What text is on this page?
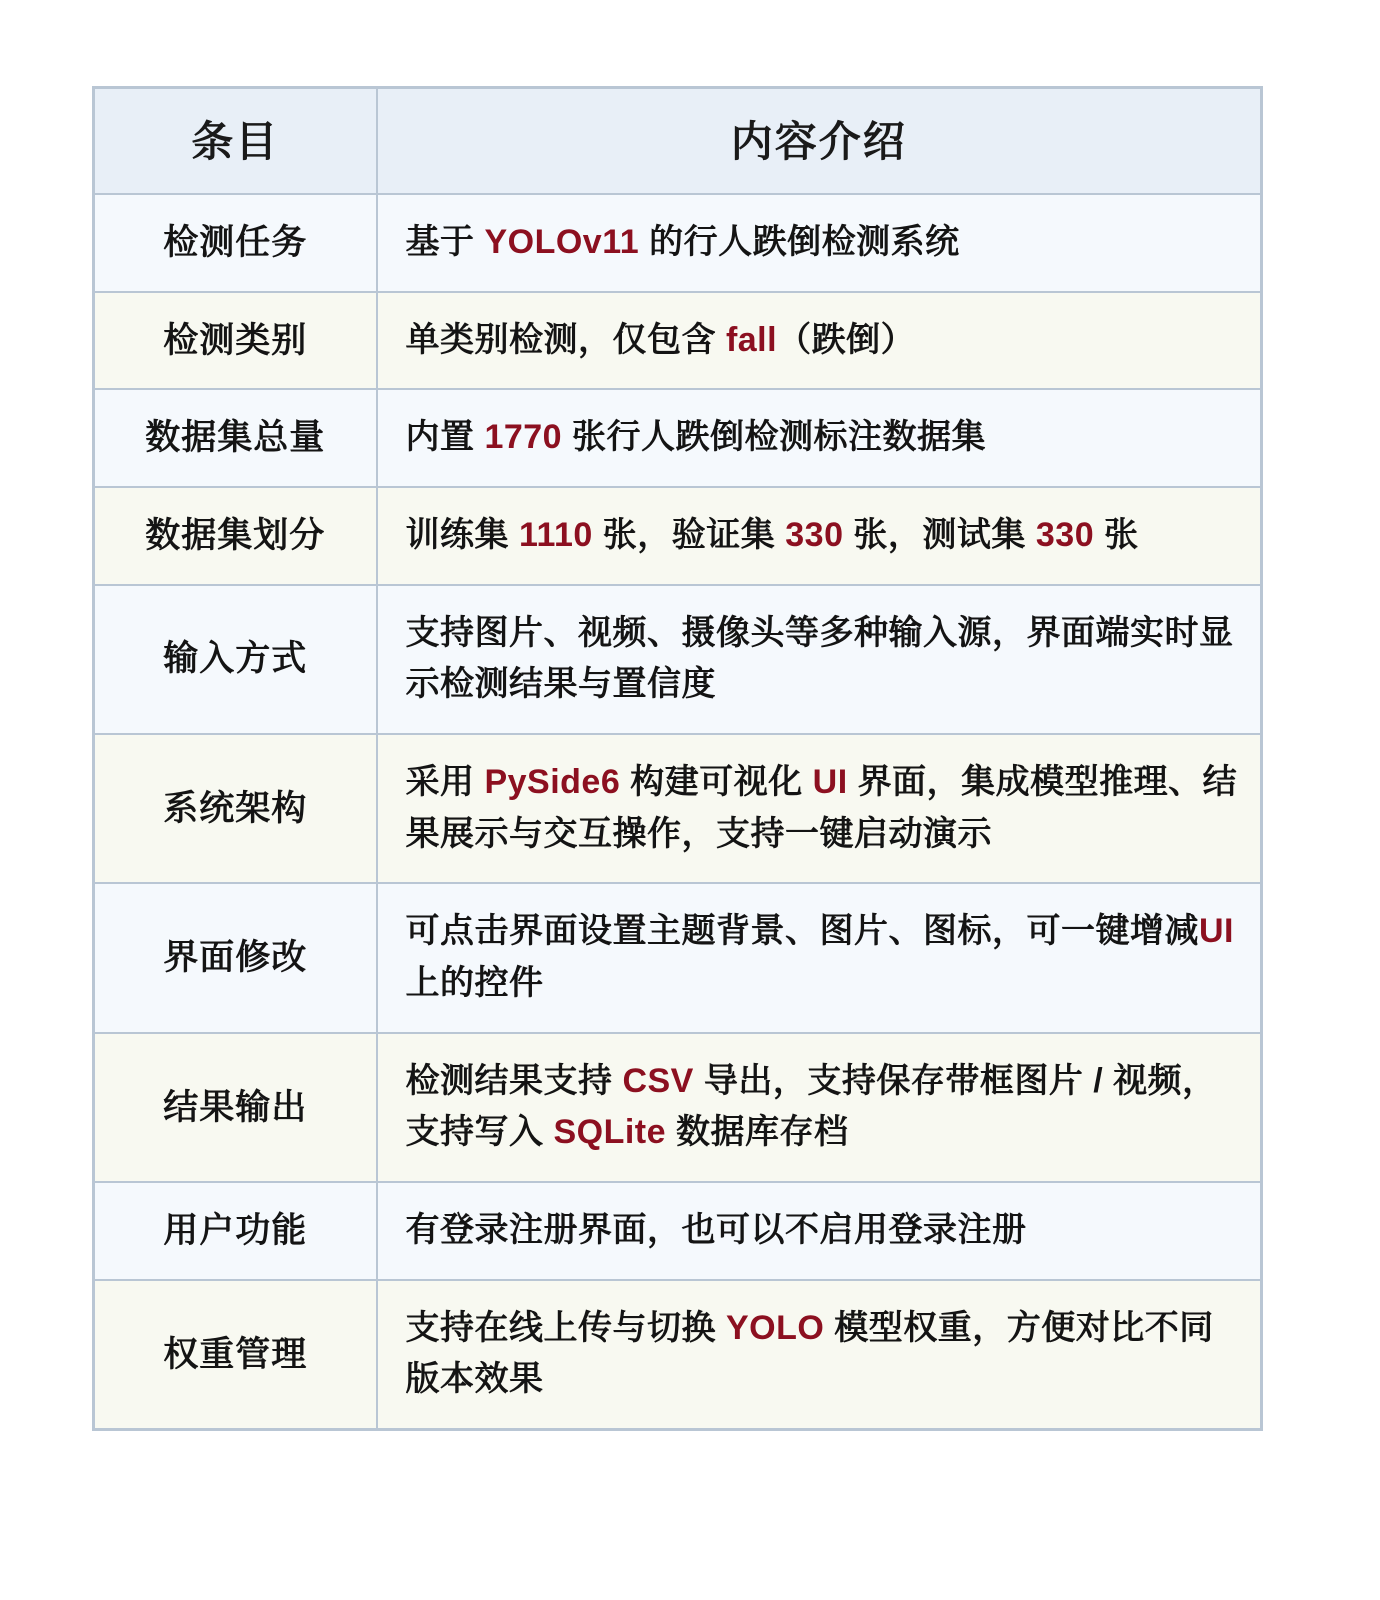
条目	内容介绍
检测任务	基于 YOLOv11 的行人跌倒检测系统
检测类别	单类别检测，仅包含 fall（跌倒）
数据集总量	内置 1770 张行人跌倒检测标注数据集
数据集划分	训练集 1110 张，验证集 330 张，测试集 330 张
输入方式	支持图片、视频、摄像头等多种输入源，界面端实时显示检测结果与置信度
系统架构	采用 PySide6 构建可视化 UI 界面，集成模型推理、结果展示与交互操作，支持一键启动演示
界面修改	可点击界面设置主题背景、图片、图标，可一键增减UI上的控件
结果输出	检测结果支持 CSV 导出，支持保存带框图片 / 视频，支持写入 SQLite 数据库存档
用户功能	有登录注册界面，也可以不启用登录注册
权重管理	支持在线上传与切换 YOLO 模型权重，方便对比不同版本效果
